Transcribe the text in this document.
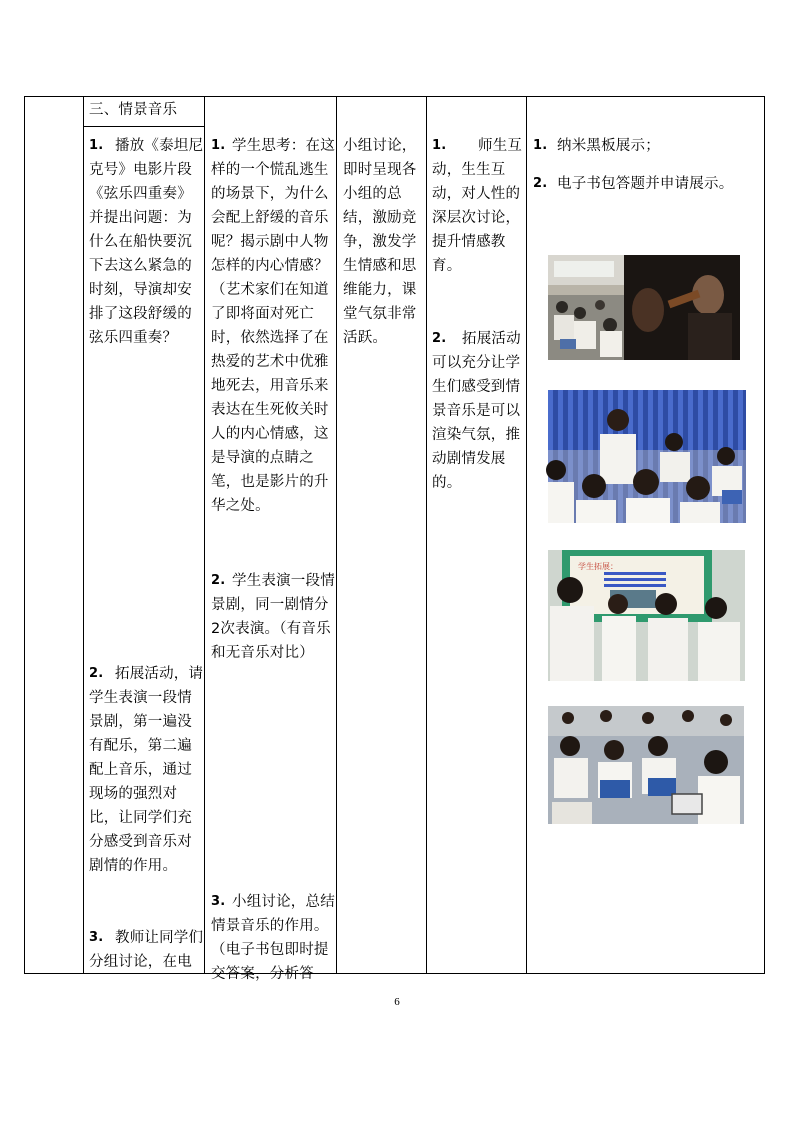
三、情景音乐
1. 播放《泰坦尼
克号》电影片段
《弦乐四重奏》
并提出问题：为
什么在船快要沉
下去这么紧急的
时刻，导演却安
排了这段舒缓的
弦乐四重奏？
2. 拓展活动，请
学生表演一段情
景剧，第一遍没
有配乐，第二遍
配上音乐，通过
现场的强烈对
比，让同学们充
分感受到音乐对
剧情的作用。
3. 教师让同学们
分组讨论，在电
1. 学生思考：在这
样的一个慌乱逃生
的场景下，为什么
会配上舒缓的音乐
呢？揭示剧中人物
怎样的内心情感？
（艺术家们在知道
了即将面对死亡
时，依然选择了在
热爱的艺术中优雅
地死去，用音乐来
表达在生死攸关时
人的内心情感，这
是导演的点睛之
笔，也是影片的升
华之处。
2. 学生表演一段情
景剧，同一剧情分
2次表演。（有音乐
和无音乐对比）
3. 小组讨论，总结
情景音乐的作用。
（电子书包即时提
交答案，分析答
小组讨论，
即时呈现各
小组的总
结，激励竞
争，激发学
生情感和思
维能力，课
堂气氛非常
活跃。
1. 师生互
动，生生互
动，对人性的
深层次讨论，
提升情感教
育。
2. 拓展活动
可以充分让学
生们感受到情
景音乐是可以
渲染气氛，推
动剧情发展
的。
1. 纳米黑板展示；
2. 电子书包答题并申请展示。
学生拓展：
6
